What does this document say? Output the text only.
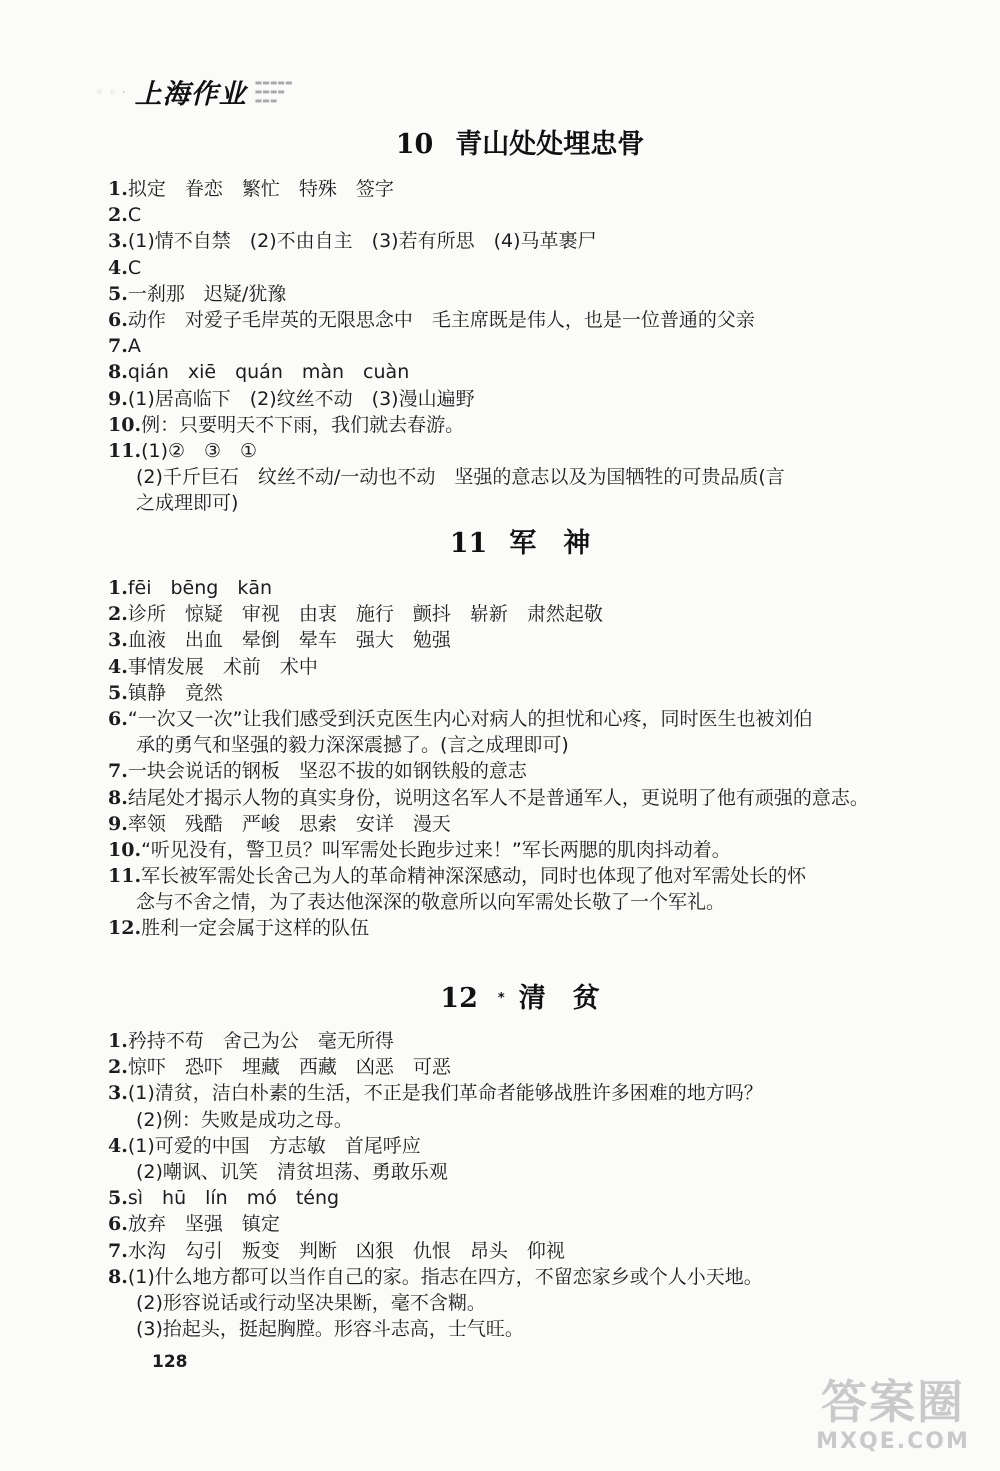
◦ ◦ · 上海作业 ▬▬▬▬▬
▬▬▬▬
▬▬▬
10 青山处处埋忠骨
1.拟定　眷恋　繁忙　特殊　签字
2.C
3.(1)情不自禁　(2)不由自主　(3)若有所思　(4)马革裹尸
4.C
5.一刹那　迟疑/犹豫
6.动作　对爱子毛岸英的无限思念中　毛主席既是伟人，也是一位普通的父亲
7.A
8.qián　xiē　quán　màn　cuàn
9.(1)居高临下　(2)纹丝不动　(3)漫山遍野
10.例：只要明天不下雨，我们就去春游。
11.(1)②　③　①
(2)千斤巨石　纹丝不动/一动也不动　坚强的意志以及为国牺牲的可贵品质(言
之成理即可)
11 军　神
1.fēi　bēng　kān
2.诊所　惊疑　审视　由衷　施行　颤抖　崭新　肃然起敬
3.血液　出血　晕倒　晕车　强大　勉强
4.事情发展　术前　术中
5.镇静　竟然
6.“一次又一次”让我们感受到沃克医生内心对病人的担忧和心疼，同时医生也被刘伯
承的勇气和坚强的毅力深深震撼了。(言之成理即可)
7.一块会说话的钢板　坚忍不拔的如钢铁般的意志
8.结尾处才揭示人物的真实身份，说明这名军人不是普通军人，更说明了他有顽强的意志。
9.率领　残酷　严峻　思索　安详　漫天
10.“听见没有，警卫员？叫军需处长跑步过来！”军长两腮的肌肉抖动着。
11.军长被军需处长舍己为人的革命精神深深感动，同时也体现了他对军需处长的怀
念与不舍之情，为了表达他深深的敬意所以向军需处长敬了一个军礼。
12.胜利一定会属于这样的队伍
12 * 清　贫
1.矜持不苟　舍己为公　毫无所得
2.惊吓　恐吓　埋藏　西藏　凶恶　可恶
3.(1)清贫，洁白朴素的生活，不正是我们革命者能够战胜许多困难的地方吗？
(2)例：失败是成功之母。
4.(1)可爱的中国　方志敏　首尾呼应
(2)嘲讽、讥笑　清贫坦荡、勇敢乐观
5.sì　hū　lín　mó　téng
6.放弃　坚强　镇定
7.水沟　勾引　叛变　判断　凶狠　仇恨　昂头　仰视
8.(1)什么地方都可以当作自己的家。指志在四方，不留恋家乡或个人小天地。
(2)形容说话或行动坚决果断，毫不含糊。
(3)抬起头，挺起胸膛。形容斗志高，士气旺。
128
答案圈
MXQE.COM
